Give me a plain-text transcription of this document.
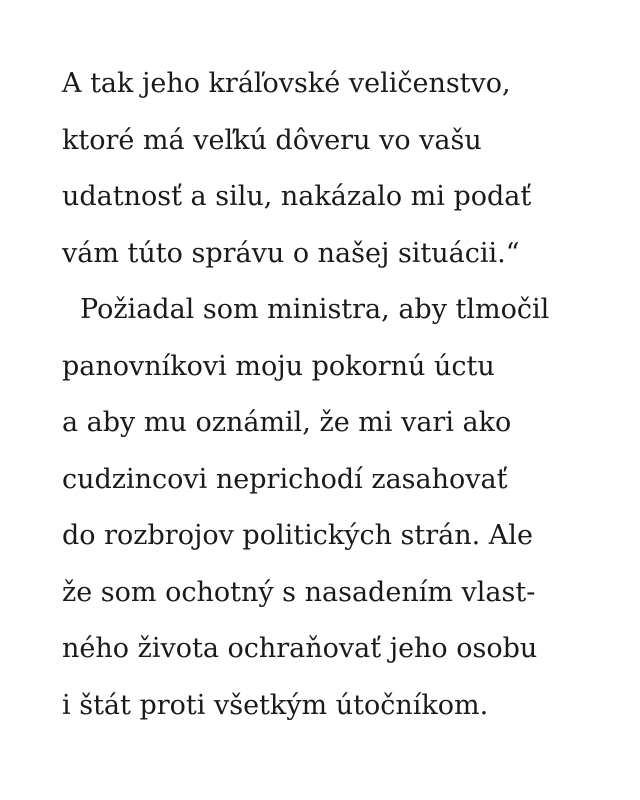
A tak jeho kráľovské veličenstvo,
ktoré má veľkú dôveru vo vašu
udatnosť a silu, nakázalo mi podať
vám túto správu o našej situácii.“
Požiadal som ministra, aby tlmočil
panovníkovi moju pokornú úctu
a aby mu oznámil, že mi vari ako
cudzincovi neprichodí zasahovať
do rozbrojov politických strán. Ale
že som ochotný s nasadením vlast-
ného života ochraňovať jeho osobu
i štát proti všetkým útočníkom.
